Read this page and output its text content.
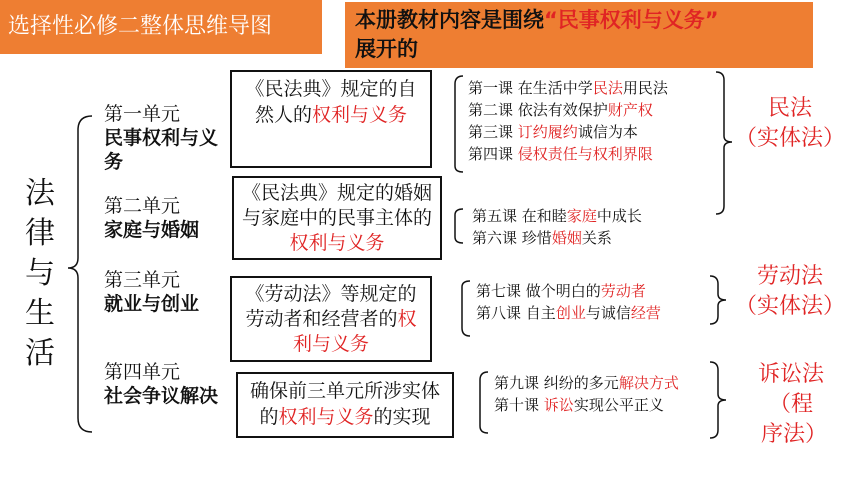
选择性必修二整体思维导图	本册教材内容是围绕“民事权利与义务”
展开的
法
律
与
生
活
第一单元
民事权利与义务
第二单元
家庭与婚姻
第三单元
就业与创业
第四单元
社会争议解决
《民法典》规定的自然人的权利与义务
《民法典》规定的婚姻与家庭中的民事主体的权利与义务
《劳动法》等规定的劳动者和经营者的权利与义务
确保前三单元所涉实体的权利与义务的实现
第一课 在生活中学民法用民法
第二课 依法有效保护财产权
第三课 订约履约诚信为本
第四课 侵权责任与权利界限
第五课 在和睦家庭中成长
第六课 珍惜婚姻关系
第七课 做个明白的劳动者
第八课 自主创业与诚信经营
第九课 纠纷的多元解决方式
第十课 诉讼实现公平正义
民法
（实体法）
劳动法
（实体法）
诉讼法
（程序法）
